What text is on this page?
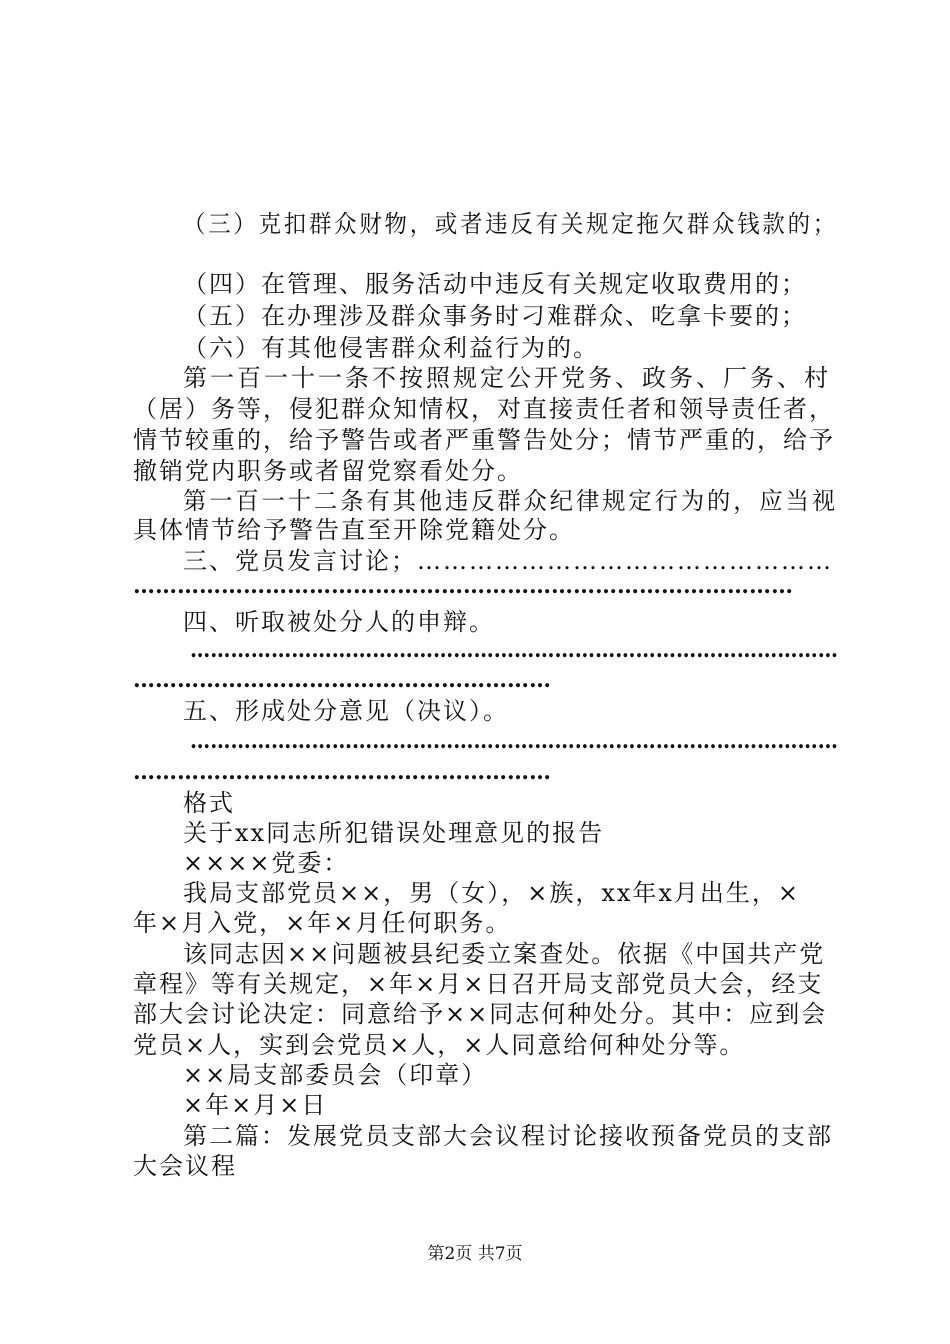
（三）克扣群众财物，或者违反有关规定拖欠群众钱款的；
（四）在管理、服务活动中违反有关规定收取费用的；
（五）在办理涉及群众事务时刁难群众、吃拿卡要的；
（六）有其他侵害群众利益行为的。
第一百一十一条不按照规定公开党务、政务、厂务、村
（居）务等，侵犯群众知情权，对直接责任者和领导责任者，
情节较重的，给予警告或者严重警告处分；情节严重的，给予
撤销党内职务或者留党察看处分。
第一百一十二条有其他违反群众纪律规定行为的，应当视
具体情节给予警告直至开除党籍处分。
三、党员发言讨论；…………………………………………
………………………………………………………………………………
四、听取被处分人的申辩。
……………………………………………………………………………………
…………………………………………………
五、形成处分意见（决议）。
……………………………………………………………………………………
…………………………………………………
格式
关于xx同志所犯错误处理意见的报告
××××党委：
我局支部党员××，男（女），×族，xx年x月出生，×
年×月入党，×年×月任何职务。
该同志因××问题被县纪委立案查处。依据《中国共产党
章程》等有关规定，×年×月×日召开局支部党员大会，经支
部大会讨论决定：同意给予××同志何种处分。其中：应到会
党员×人，实到会党员×人，×人同意给何种处分等。
××局支部委员会（印章）
×年×月×日
第二篇：发展党员支部大会议程讨论接收预备党员的支部
大会议程
第2页 共7页
